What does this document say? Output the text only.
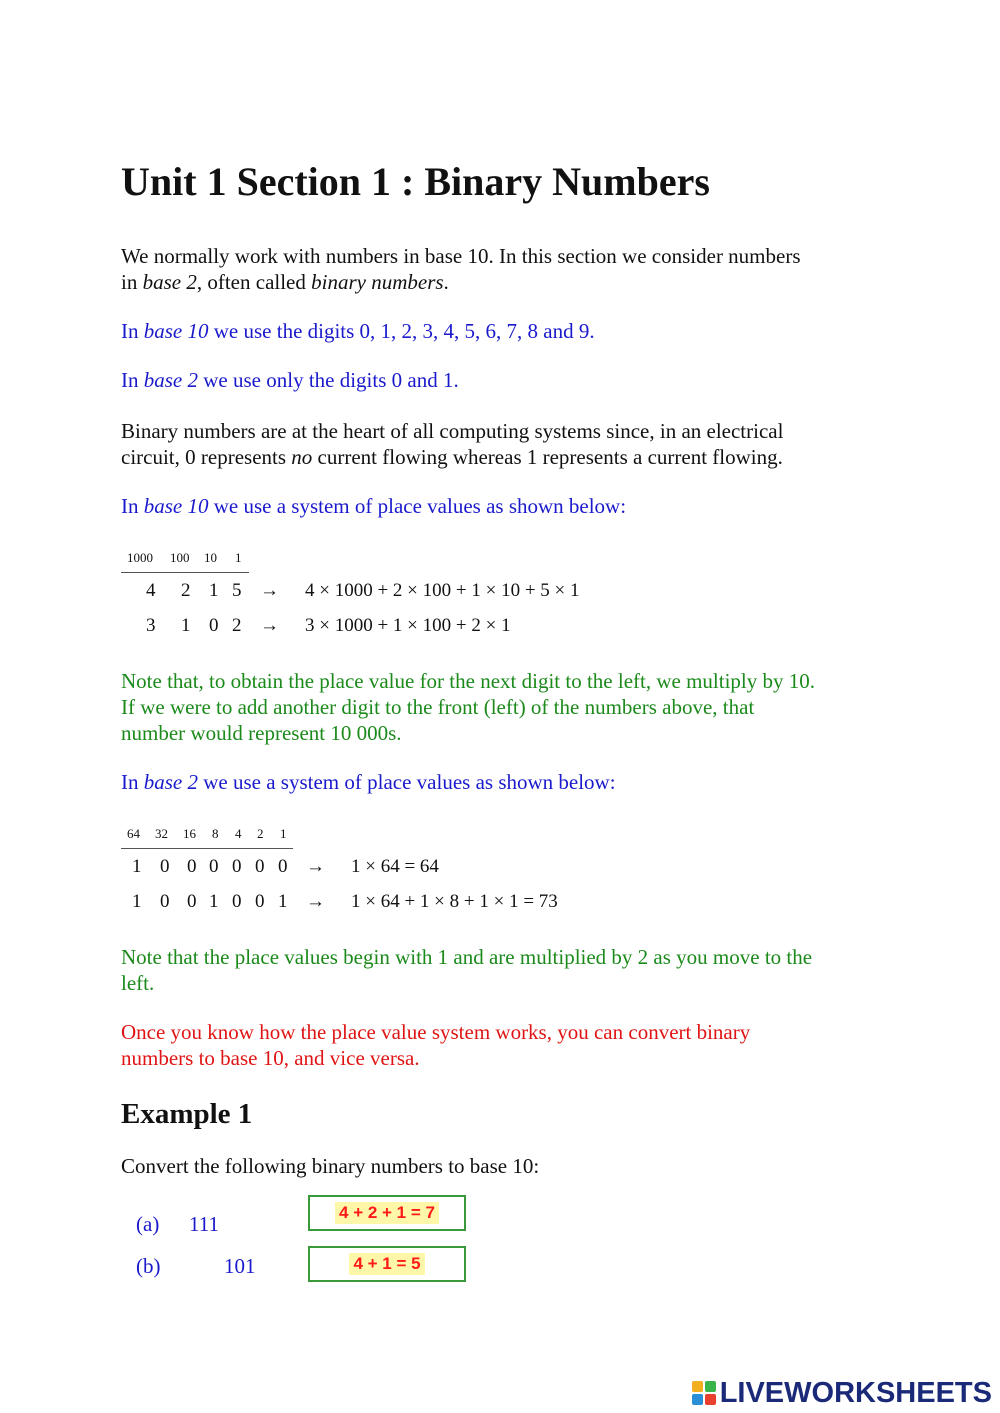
Unit 1 Section 1 : Binary Numbers
We normally work with numbers in base 10. In this section we consider numbers
in base 2, often called binary numbers.
In base 10 we use the digits 0, 1, 2, 3, 4, 5, 6, 7, 8 and 9.
In base 2 we use only the digits 0 and 1.
Binary numbers are at the heart of all computing systems since, in an electrical
circuit, 0 represents no current flowing whereas 1 represents a current flowing.
In base 10 we use a system of place values as shown below:
1000 100 10 1
4 2 1 5 → 4 × 1000 + 2 × 100 + 1 × 10 + 5 × 1
3 1 0 2 → 3 × 1000 + 1 × 100 + 2 × 1
Note that, to obtain the place value for the next digit to the left, we multiply by 10.
If we were to add another digit to the front (left) of the numbers above, that
number would represent 10 000s.
In base 2 we use a system of place values as shown below:
64 32 16 8 4 2 1
1 0 0 0 0 0 0 → 1 × 64 = 64
1 0 0 1 0 0 1 → 1 × 64 + 1 × 8 + 1 × 1 = 73
Note that the place values begin with 1 and are multiplied by 2 as you move to the
left.
Once you know how the place value system works, you can convert binary
numbers to base 10, and vice versa.
Example 1
Convert the following binary numbers to base 10:
(a) 111	4 + 2 + 1 = 7
(b)	101	4 + 1 = 5
LIVEWORKSHEETS
